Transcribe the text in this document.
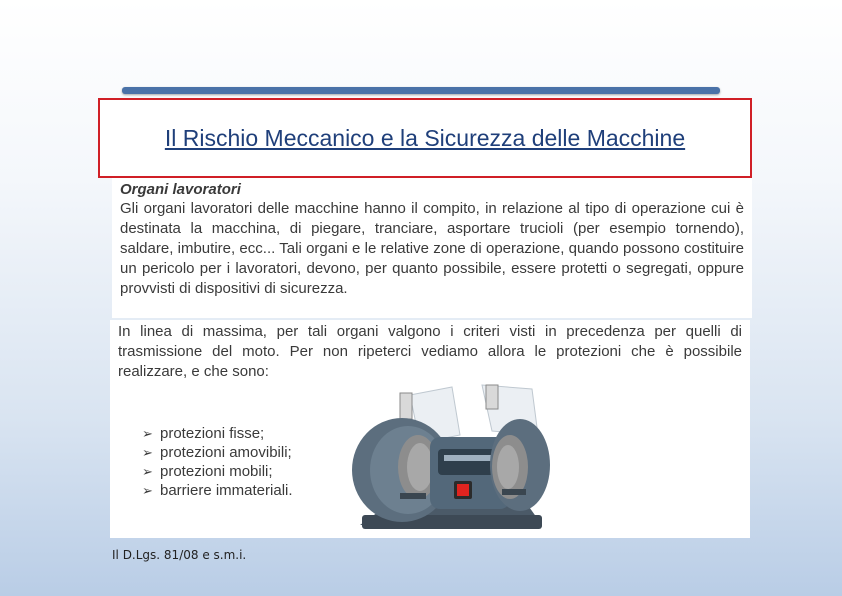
Il Rischio Meccanico e la Sicurezza delle Macchine
Organi lavoratori

Gli organi lavoratori delle macchine hanno il compito, in relazione al tipo di operazione cui è destinata la macchina, di piegare, tranciare, asportare trucioli (per esempio tornendo), saldare, imbutire, ecc... Tali organi e le relative zone di operazione, quando possono costituire un pericolo per i lavoratori, devono, per quanto possibile, essere protetti o segregati, oppure provvisti di dispositivi di sicurezza.

In linea di massima, per tali organi valgono i criteri visti in precedenza per quelli di trasmissione del moto. Per non ripeterci vediamo allora le protezioni che è possibile realizzare, e che sono:

➢ protezioni fisse;
➢ protezioni amovibili;
➢ protezioni mobili;
➢ barriere immateriali.
Il D.Lgs. 81/08 e s.m.i.
